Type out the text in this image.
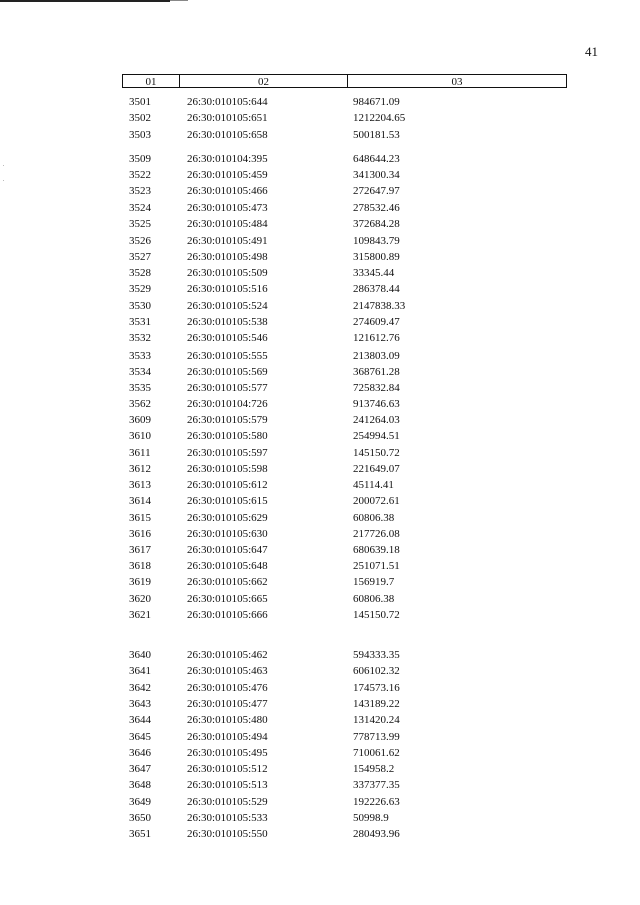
41
01	02	03
3501	26:30:010105:644	984671.09
3502	26:30:010105:651	1212204.65
3503	26:30:010105:658	500181.53
3509	26:30:010104:395	648644.23
3522	26:30:010105:459	341300.34
3523	26:30:010105:466	272647.97
3524	26:30:010105:473	278532.46
3525	26:30:010105:484	372684.28
3526	26:30:010105:491	109843.79
3527	26:30:010105:498	315800.89
3528	26:30:010105:509	33345.44
3529	26:30:010105:516	286378.44
3530	26:30:010105:524	2147838.33
3531	26:30:010105:538	274609.47
3532	26:30:010105:546	121612.76
3533	26:30:010105:555	213803.09
3534	26:30:010105:569	368761.28
3535	26:30:010105:577	725832.84
3562	26:30:010104:726	913746.63
3609	26:30:010105:579	241264.03
3610	26:30:010105:580	254994.51
3611	26:30:010105:597	145150.72
3612	26:30:010105:598	221649.07
3613	26:30:010105:612	45114.41
3614	26:30:010105:615	200072.61
3615	26:30:010105:629	60806.38
3616	26:30:010105:630	217726.08
3617	26:30:010105:647	680639.18
3618	26:30:010105:648	251071.51
3619	26:30:010105:662	156919.7
3620	26:30:010105:665	60806.38
3621	26:30:010105:666	145150.72
3640	26:30:010105:462	594333.35
3641	26:30:010105:463	606102.32
3642	26:30:010105:476	174573.16
3643	26:30:010105:477	143189.22
3644	26:30:010105:480	131420.24
3645	26:30:010105:494	778713.99
3646	26:30:010105:495	710061.62
3647	26:30:010105:512	154958.2
3648	26:30:010105:513	337377.35
3649	26:30:010105:529	192226.63
3650	26:30:010105:533	50998.9
3651	26:30:010105:550	280493.96
